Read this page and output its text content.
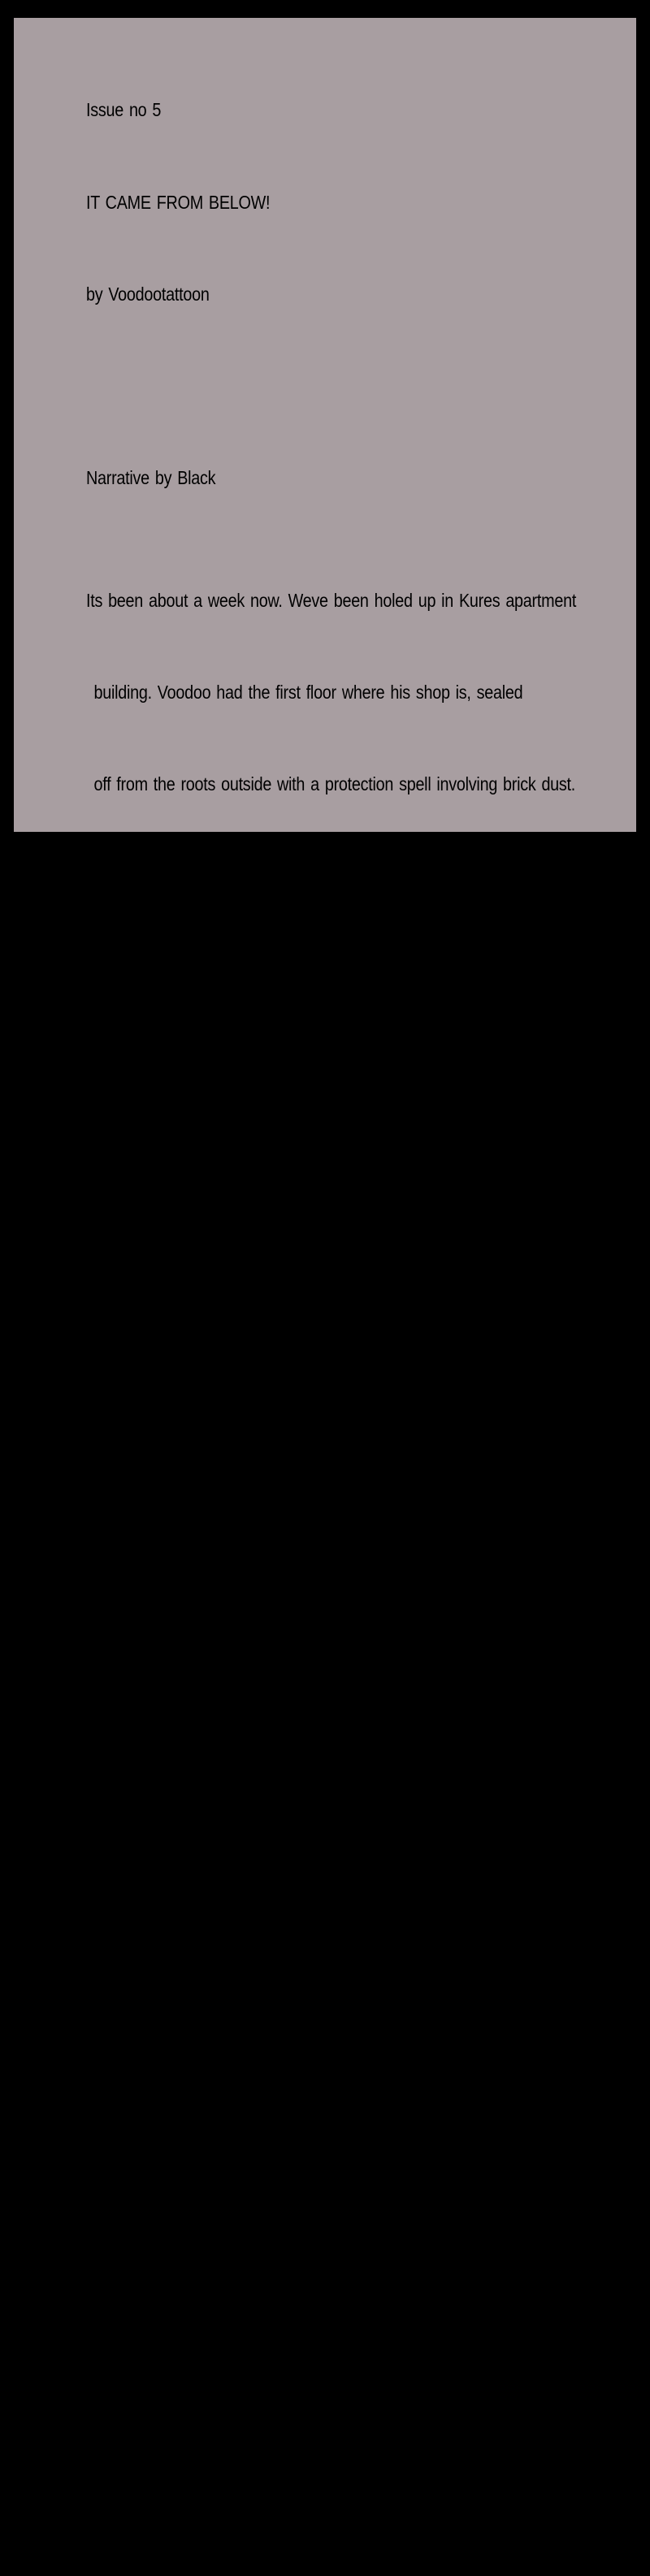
Issue no 5

IT CAME FROM BELOW!

by Voodootattoon

Narrative by Black

Its been about a week now. Weve been holed up in Kures apartment

building. Voodoo had the first floor where his shop is, sealed

off from the roots outside with a protection spell involving brick dust.

but the harsh winter storm that came in the past couple days

has been wearin that plan thin. the roots pushed up from below

the floor.

The Tattoo shop is gone now. After the first floor was overtaken

by the weeds we had to move from the second to the third.

Johnny(voodoo) was always a floor below Praying and sealing

the room as Kure scattered the dust. The rest of us have been

chizzlin bricks outta the building as much as we can tryin

to keep Johnny and kure's resources up. Its been a long...

slow.... boring... process. Were going at eachothers throats. Everybody

is irritable.

Weve been pushed up to the top floor now and the roots are so

tightly wrapped around the structure that if they were to untangle

then the building would just collapse. We need to move. but the

worst part is that the entire population of Void is now a massive

army of zombies that have flocked to surround our fort.
